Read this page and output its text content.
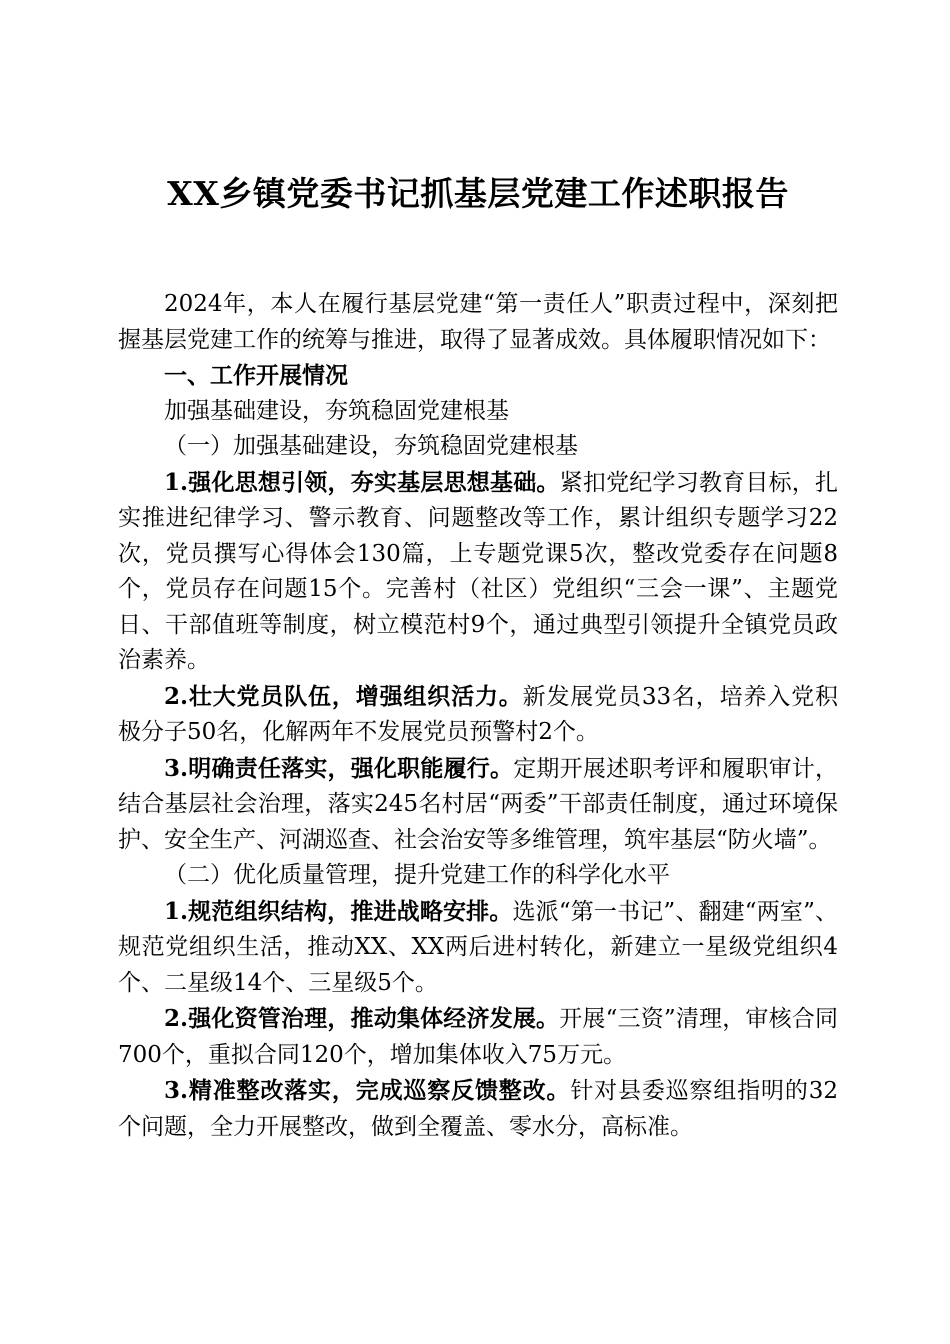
XX乡镇党委书记抓基层党建工作述职报告

2024年，本人在履行基层党建“第一责任人”职责过程中，深刻把握基层党建工作的统筹与推进，取得了显著成效。具体履职情况如下：

一、工作开展情况

加强基础建设，夯筑稳固党建根基

（一）加强基础建设，夯筑稳固党建根基

1.强化思想引领，夯实基层思想基础。紧扣党纪学习教育目标，扎实推进纪律学习、警示教育、问题整改等工作，累计组织专题学习22次，党员撰写心得体会130篇，上专题党课5次，整改党委存在问题8个，党员存在问题15个。完善村（社区）党组织“三会一课”、主题党日、干部值班等制度，树立模范村9个，通过典型引领提升全镇党员政治素养。

2.壮大党员队伍，增强组织活力。新发展党员33名，培养入党积极分子50名，化解两年不发展党员预警村2个。

3.明确责任落实，强化职能履行。定期开展述职考评和履职审计，结合基层社会治理，落实245名村居“两委”干部责任制度，通过环境保护、安全生产、河湖巡查、社会治安等多维管理，筑牢基层“防火墙”。

（二）优化质量管理，提升党建工作的科学化水平

1.规范组织结构，推进战略安排。选派“第一书记”、翻建“两室”、规范党组织生活，推动XX、XX两后进村转化，新建立一星级党组织4个、二星级14个、三星级5个。

2.强化资管治理，推动集体经济发展。开展“三资”清理，审核合同700个，重拟合同120个，增加集体收入75万元。

3.精准整改落实，完成巡察反馈整改。针对县委巡察组指明的32个问题，全力开展整改，做到全覆盖、零水分，高标准。
